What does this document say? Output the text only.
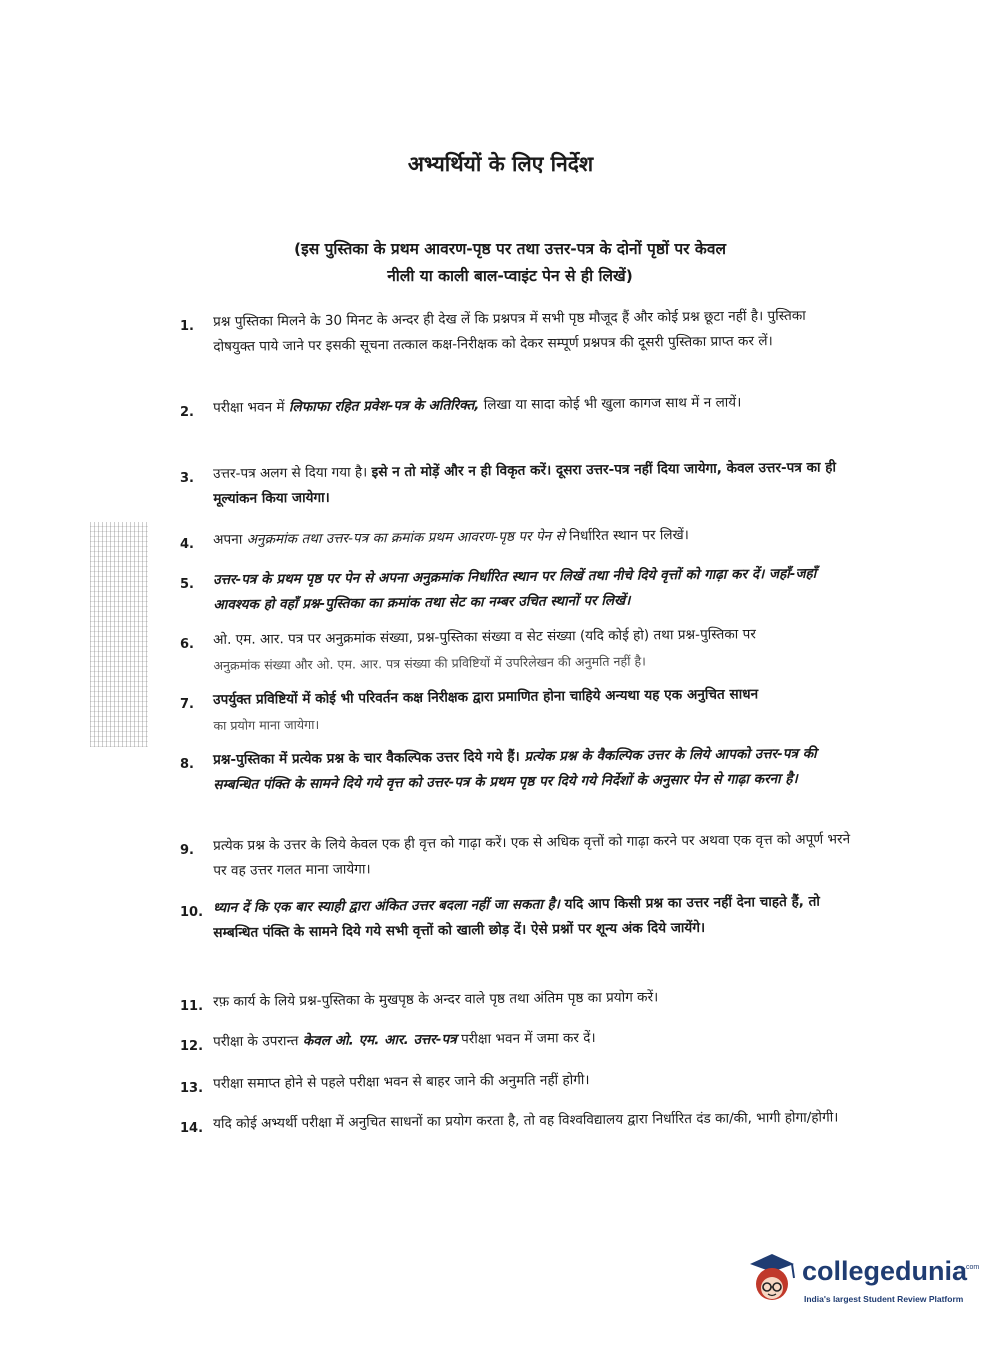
अभ्यर्थियों के लिए निर्देश
(इस पुस्तिका के प्रथम आवरण-पृष्ठ पर तथा उत्तर-पत्र के दोनों पृष्ठों पर केवल
नीली या काली बाल-प्वाइंट पेन से ही लिखें)
1.	प्रश्न पुस्तिका मिलने के 30 मिनट के अन्दर ही देख लें कि प्रश्नपत्र में सभी पृष्ठ मौजूद हैं और कोई प्रश्न छूटा नहीं है। पुस्तिका दोषयुक्त पाये जाने पर इसकी सूचना तत्काल कक्ष-निरीक्षक को देकर सम्पूर्ण प्रश्नपत्र की दूसरी पुस्तिका प्राप्त कर लें।
2.	परीक्षा भवन में लिफाफा रहित प्रवेश-पत्र के अतिरिक्त, लिखा या सादा कोई भी खुला कागज साथ में न लायें।
3.	उत्तर-पत्र अलग से दिया गया है। इसे न तो मोड़ें और न ही विकृत करें। दूसरा उत्तर-पत्र नहीं दिया जायेगा, केवल उत्तर-पत्र का ही मूल्यांकन किया जायेगा।
4.	अपना अनुक्रमांक तथा उत्तर-पत्र का क्रमांक प्रथम आवरण-पृष्ठ पर पेन से निर्धारित स्थान पर लिखें।
5.	उत्तर-पत्र के प्रथम पृष्ठ पर पेन से अपना अनुक्रमांक निर्धारित स्थान पर लिखें तथा नीचे दिये वृत्तों को गाढ़ा कर दें। जहाँ-जहाँ आवश्यक हो वहाँ प्रश्न-पुस्तिका का क्रमांक तथा सेट का नम्बर उचित स्थानों पर लिखें।
6.	ओ. एम. आर. पत्र पर अनुक्रमांक संख्या, प्रश्न-पुस्तिका संख्या व सेट संख्या (यदि कोई हो) तथा प्रश्न-पुस्तिका पर
अनुक्रमांक संख्या और ओ. एम. आर. पत्र संख्या की प्रविष्टियों में उपरिलेखन की अनुमति नहीं है।
7.	उपर्युक्त प्रविष्टियों में कोई भी परिवर्तन कक्ष निरीक्षक द्वारा प्रमाणित होना चाहिये अन्यथा यह एक अनुचित साधन
का प्रयोग माना जायेगा।
8.	प्रश्न-पुस्तिका में प्रत्येक प्रश्न के चार वैकल्पिक उत्तर दिये गये हैं। प्रत्येक प्रश्न के वैकल्पिक उत्तर के लिये आपको उत्तर-पत्र की सम्बन्धित पंक्ति के सामने दिये गये वृत्त को उत्तर-पत्र के प्रथम पृष्ठ पर दिये गये निर्देशों के अनुसार पेन से गाढ़ा करना है।
9.	प्रत्येक प्रश्न के उत्तर के लिये केवल एक ही वृत्त को गाढ़ा करें। एक से अधिक वृत्तों को गाढ़ा करने पर अथवा एक वृत्त को अपूर्ण भरने पर वह उत्तर गलत माना जायेगा।
10. ध्यान दें कि एक बार स्याही द्वारा अंकित उत्तर बदला नहीं जा सकता है। यदि आप किसी प्रश्न का उत्तर नहीं देना चाहते हैं, तो सम्बन्धित पंक्ति के सामने दिये गये सभी वृत्तों को खाली छोड़ दें। ऐसे प्रश्नों पर शून्य अंक दिये जायेंगे।
11. रफ़ कार्य के लिये प्रश्न-पुस्तिका के मुखपृष्ठ के अन्दर वाले पृष्ठ तथा अंतिम पृष्ठ का प्रयोग करें।
12. परीक्षा के उपरान्त केवल ओ. एम. आर. उत्तर-पत्र परीक्षा भवन में जमा कर दें।
13. परीक्षा समाप्त होने से पहले परीक्षा भवन से बाहर जाने की अनुमति नहीं होगी।
14. यदि कोई अभ्यर्थी परीक्षा में अनुचित साधनों का प्रयोग करता है, तो वह विश्वविद्यालय द्वारा निर्धारित दंड का/की, भागी होगा/होगी।
collegedunia
.com
India's largest Student Review Platform
